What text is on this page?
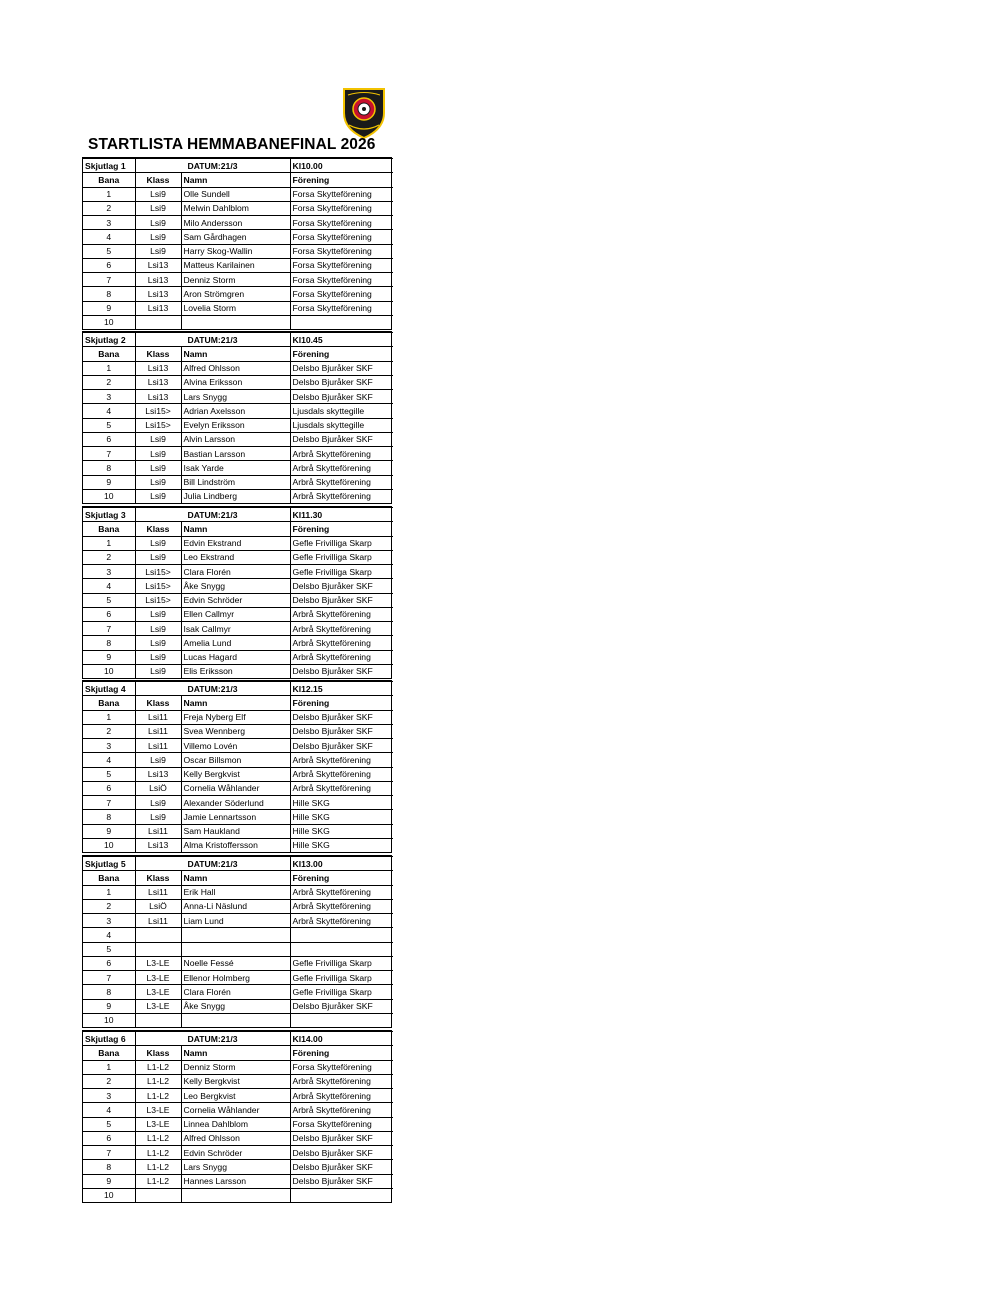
STARTLISTA HEMMABANEFINAL 2026
Skjutlag 1	DATUM:21/3		Kl10.00
Bana	Klass	Namn	Förening
1	Lsi9	Olle Sundell	Forsa Skytteförening
2	Lsi9	Melwin Dahlblom	Forsa Skytteförening
3	Lsi9	Milo Andersson	Forsa Skytteförening
4	Lsi9	Sam Gårdhagen	Forsa Skytteförening
5	Lsi9	Harry Skog-Wallin	Forsa Skytteförening
6	Lsi13	Matteus Karilainen	Forsa Skytteförening
7	Lsi13	Denniz Storm	Forsa Skytteförening
8	Lsi13	Aron Strömgren	Forsa Skytteförening
9	Lsi13	Lovelia Storm	Forsa Skytteförening
10			
Skjutlag 2	DATUM:21/3		Kl10.45
Bana	Klass	Namn	Förening
1	Lsi13	Alfred Ohlsson	Delsbo Bjuråker SKF
2	Lsi13	Alvina Eriksson	Delsbo Bjuråker SKF
3	Lsi13	Lars Snygg	Delsbo Bjuråker SKF
4	Lsi15>	Adrian Axelsson	Ljusdals skyttegille
5	Lsi15>	Evelyn Eriksson	Ljusdals skyttegille
6	Lsi9	Alvin Larsson	Delsbo Bjuråker SKF
7	Lsi9	Bastian Larsson	Arbrå Skytteförening
8	Lsi9	Isak Yarde	Arbrå Skytteförening
9	Lsi9	Bill Lindström	Arbrå Skytteförening
10	Lsi9	Julia Lindberg	Arbrå Skytteförening
Skjutlag 3	DATUM:21/3		Kl11.30
Bana	Klass	Namn	Förening
1	Lsi9	Edvin Ekstrand	Gefle Frivilliga Skarp
2	Lsi9	Leo Ekstrand	Gefle Frivilliga Skarp
3	Lsi15>	Clara Florén	Gefle Frivilliga Skarp
4	Lsi15>	Åke Snygg	Delsbo Bjuråker SKF
5	Lsi15>	Edvin Schröder	Delsbo Bjuråker SKF
6	Lsi9	Ellen Callmyr	Arbrå Skytteförening
7	Lsi9	Isak Callmyr	Arbrå Skytteförening
8	Lsi9	Amelia Lund	Arbrå Skytteförening
9	Lsi9	Lucas Hagard	Arbrå Skytteförening
10	Lsi9	Elis Eriksson	Delsbo Bjuråker SKF
Skjutlag 4	DATUM:21/3		Kl12.15
Bana	Klass	Namn	Förening
1	Lsi11	Freja Nyberg Elf	Delsbo Bjuråker SKF
2	Lsi11	Svea Wennberg	Delsbo Bjuråker SKF
3	Lsi11	Villemo Lovén	Delsbo Bjuråker SKF
4	Lsi9	Oscar Billsmon	Arbrå Skytteförening
5	Lsi13	Kelly Bergkvist	Arbrå Skytteförening
6	LsiÖ	Cornelia Wåhlander	Arbrå Skytteförening
7	Lsi9	Alexander Söderlund	Hille SKG
8	Lsi9	Jamie Lennartsson	Hille SKG
9	Lsi11	Sam Haukland	Hille SKG
10	Lsi13	Alma Kristoffersson	Hille SKG
Skjutlag 5	DATUM:21/3		Kl13.00
Bana	Klass	Namn	Förening
1	Lsi11	Erik Hall	Arbrå Skytteförening
2	LsiÖ	Anna-Li Näslund	Arbrå Skytteförening
3	Lsi11	Liam Lund	Arbrå Skytteförening
4			
5			
6	L3-LE	Noelle Fessé	Gefle Frivilliga Skarp
7	L3-LE	Ellenor Holmberg	Gefle Frivilliga Skarp
8	L3-LE	Clara Florén	Gefle Frivilliga Skarp
9	L3-LE	Åke Snygg	Delsbo Bjuråker SKF
10			
Skjutlag 6	DATUM:21/3		Kl14.00
Bana	Klass	Namn	Förening
1	L1-L2	Denniz Storm	Forsa Skytteförening
2	L1-L2	Kelly Bergkvist	Arbrå Skytteförening
3	L1-L2	Leo Bergkvist	Arbrå Skytteförening
4	L3-LE	Cornelia Wåhlander	Arbrå Skytteförening
5	L3-LE	Linnea Dahlblom	Forsa Skytteförening
6	L1-L2	Alfred Ohlsson	Delsbo Bjuråker SKF
7	L1-L2	Edvin Schröder	Delsbo Bjuråker SKF
8	L1-L2	Lars Snygg	Delsbo Bjuråker SKF
9	L1-L2	Hannes Larsson	Delsbo Bjuråker SKF
10			
